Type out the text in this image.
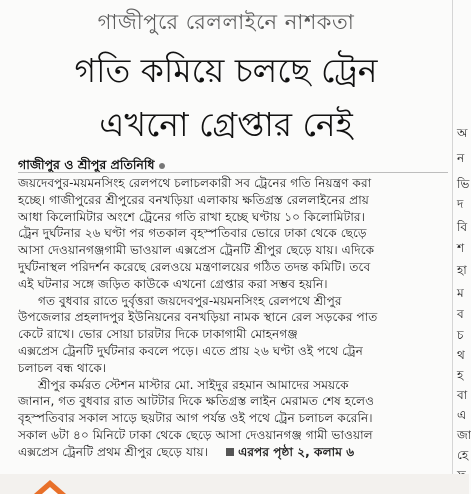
গাজীপুরে রেললাইনে নাশকতা
গতি কমিয়ে চলছে ট্রেন
এখনো গ্রেপ্তার নেই
গাজীপুর ও শ্রীপুর প্রতিনিধি
জয়দেবপুর-ময়মনসিংহ রেলপথে চলাচলকারী সব ট্রেনের গতি নিয়ন্ত্রণ করা
হচ্ছে। গাজীপুরের শ্রীপুরের বনখড়িয়া এলাকায় ক্ষতিগ্রস্ত রেললাইনের প্রায়
আধা কিলোমিটার অংশে ট্রেনের গতি রাখা হচ্ছে ঘণ্টায় ১০ কিলোমিটার।
ট্রেন দুর্ঘটনার ২৬ ঘণ্টা পর গতকাল বৃহস্পতিবার ভোরে ঢাকা থেকে ছেড়ে
আসা দেওয়ানগঞ্জগামী ভাওয়াল এক্সপ্রেস ট্রেনটি শ্রীপুর ছেড়ে যায়। এদিকে
দুর্ঘটনাস্থল পরিদর্শন করেছে রেলওয়ে মন্ত্রণালয়ের গঠিত তদন্ত কমিটি। তবে
এই ঘটনার সঙ্গে জড়িত কাউকে এখনো গ্রেপ্তার করা সম্ভব হয়নি।
গত বুধবার রাতে দুর্বৃত্তরা জয়দেবপুর-ময়মনসিংহ রেলপথে শ্রীপুর
উপজেলার প্রহলাদপুর ইউনিয়নের বনখড়িয়া নামক স্থানে রেল সড়কের পাত
কেটে রাখে। ভোর সোয়া চারটার দিকে ঢাকাগামী মোহনগঞ্জ
এক্সপ্রেস ট্রেনটি দুর্ঘটনার কবলে পড়ে। এতে প্রায় ২৬ ঘণ্টা ওই পথে ট্রেন
চলাচল বন্ধ থাকে।
শ্রীপুর কর্মরত স্টেশন মাস্টার মো. সাইদুর রহমান আমাদের সময়কে
জানান, গত বুধবার রাত আটটার দিকে ক্ষতিগ্রস্ত লাইন মেরামত শেষ হলেও
বৃহস্পতিবার সকাল সাড়ে ছয়টার আগ পর্যন্ত ওই পথে ট্রেন চলাচল করেনি।
সকাল ৬টা ৪০ মিনিটে ঢাকা থেকে ছেড়ে আসা দেওয়ানগঞ্জ গামী ভাওয়াল
এক্সপ্রেস ট্রেনটি প্রথম শ্রীপুর ছেড়ে যায়। এরপর পৃষ্ঠা ২, কলাম ৬
অ
ন
ভি
দ
বি
শ
হা
ম
ব
চ
থ
হ
বা
এ
জা
হে
